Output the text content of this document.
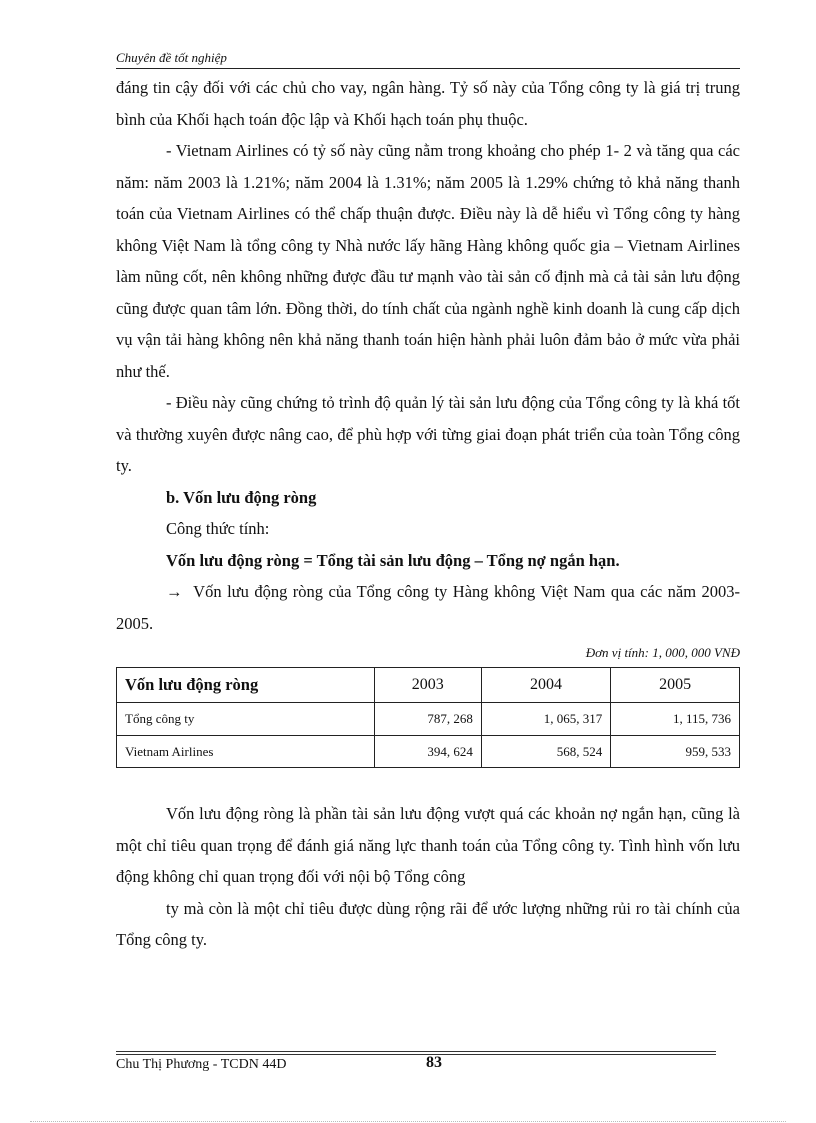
Chuyên đề tốt nghiệp

đáng tin cậy đối với các chủ cho vay, ngân hàng. Tỷ số này của Tổng công ty là giá trị trung bình của Khối hạch toán độc lập và Khối hạch toán phụ thuộc.

- Vietnam Airlines có tỷ số này cũng nằm trong khoảng cho phép 1- 2 và tăng qua các năm: năm 2003 là 1.21%; năm 2004 là 1.31%; năm 2005 là 1.29% chứng tỏ khả năng thanh toán của Vietnam Airlines có thể chấp thuận được. Điều này là dễ hiểu vì Tổng công ty hàng không Việt Nam là tổng công ty Nhà nước lấy hãng Hàng không quốc gia – Vietnam Airlines làm nũng cốt, nên không những được đầu tư mạnh vào tài sản cố định mà cả tài sản lưu động cũng được quan tâm lớn. Đồng thời, do tính chất của ngành nghề kinh doanh là cung cấp dịch vụ vận tải hàng không nên khả năng thanh toán hiện hành phải luôn đảm bảo ở mức vừa phải như thế.

- Điều này cũng chứng tỏ trình độ quản lý tài sản lưu động của Tổng công ty là khá tốt và thường xuyên được nâng cao, để phù hợp với từng giai đoạn phát triển của toàn Tổng công ty.

b. Vốn lưu động ròng

Công thức tính:

Vốn lưu động ròng = Tổng tài sản lưu động – Tổng nợ ngắn hạn.

→ Vốn lưu động ròng của Tổng công ty Hàng không Việt Nam qua các năm 2003-2005.

Đơn vị tính: 1, 000, 000 VNĐ
Vốn lưu động ròng	2003	2004	2005
Tổng công ty	787, 268	1, 065, 317	1, 115, 736
Vietnam Airlines	394, 624	568, 524	959, 533

Vốn lưu động ròng là phần tài sản lưu động vượt quá các khoản nợ ngắn hạn, cũng là một chỉ tiêu quan trọng để đánh giá năng lực thanh toán của Tổng công ty. Tình hình vốn lưu động không chỉ quan trọng đối với nội bộ Tổng công

ty mà còn là một chỉ tiêu được dùng rộng rãi để ước lượng những rủi ro tài chính của Tổng công ty.

Chu Thị Phương - TCDN 44D	83
